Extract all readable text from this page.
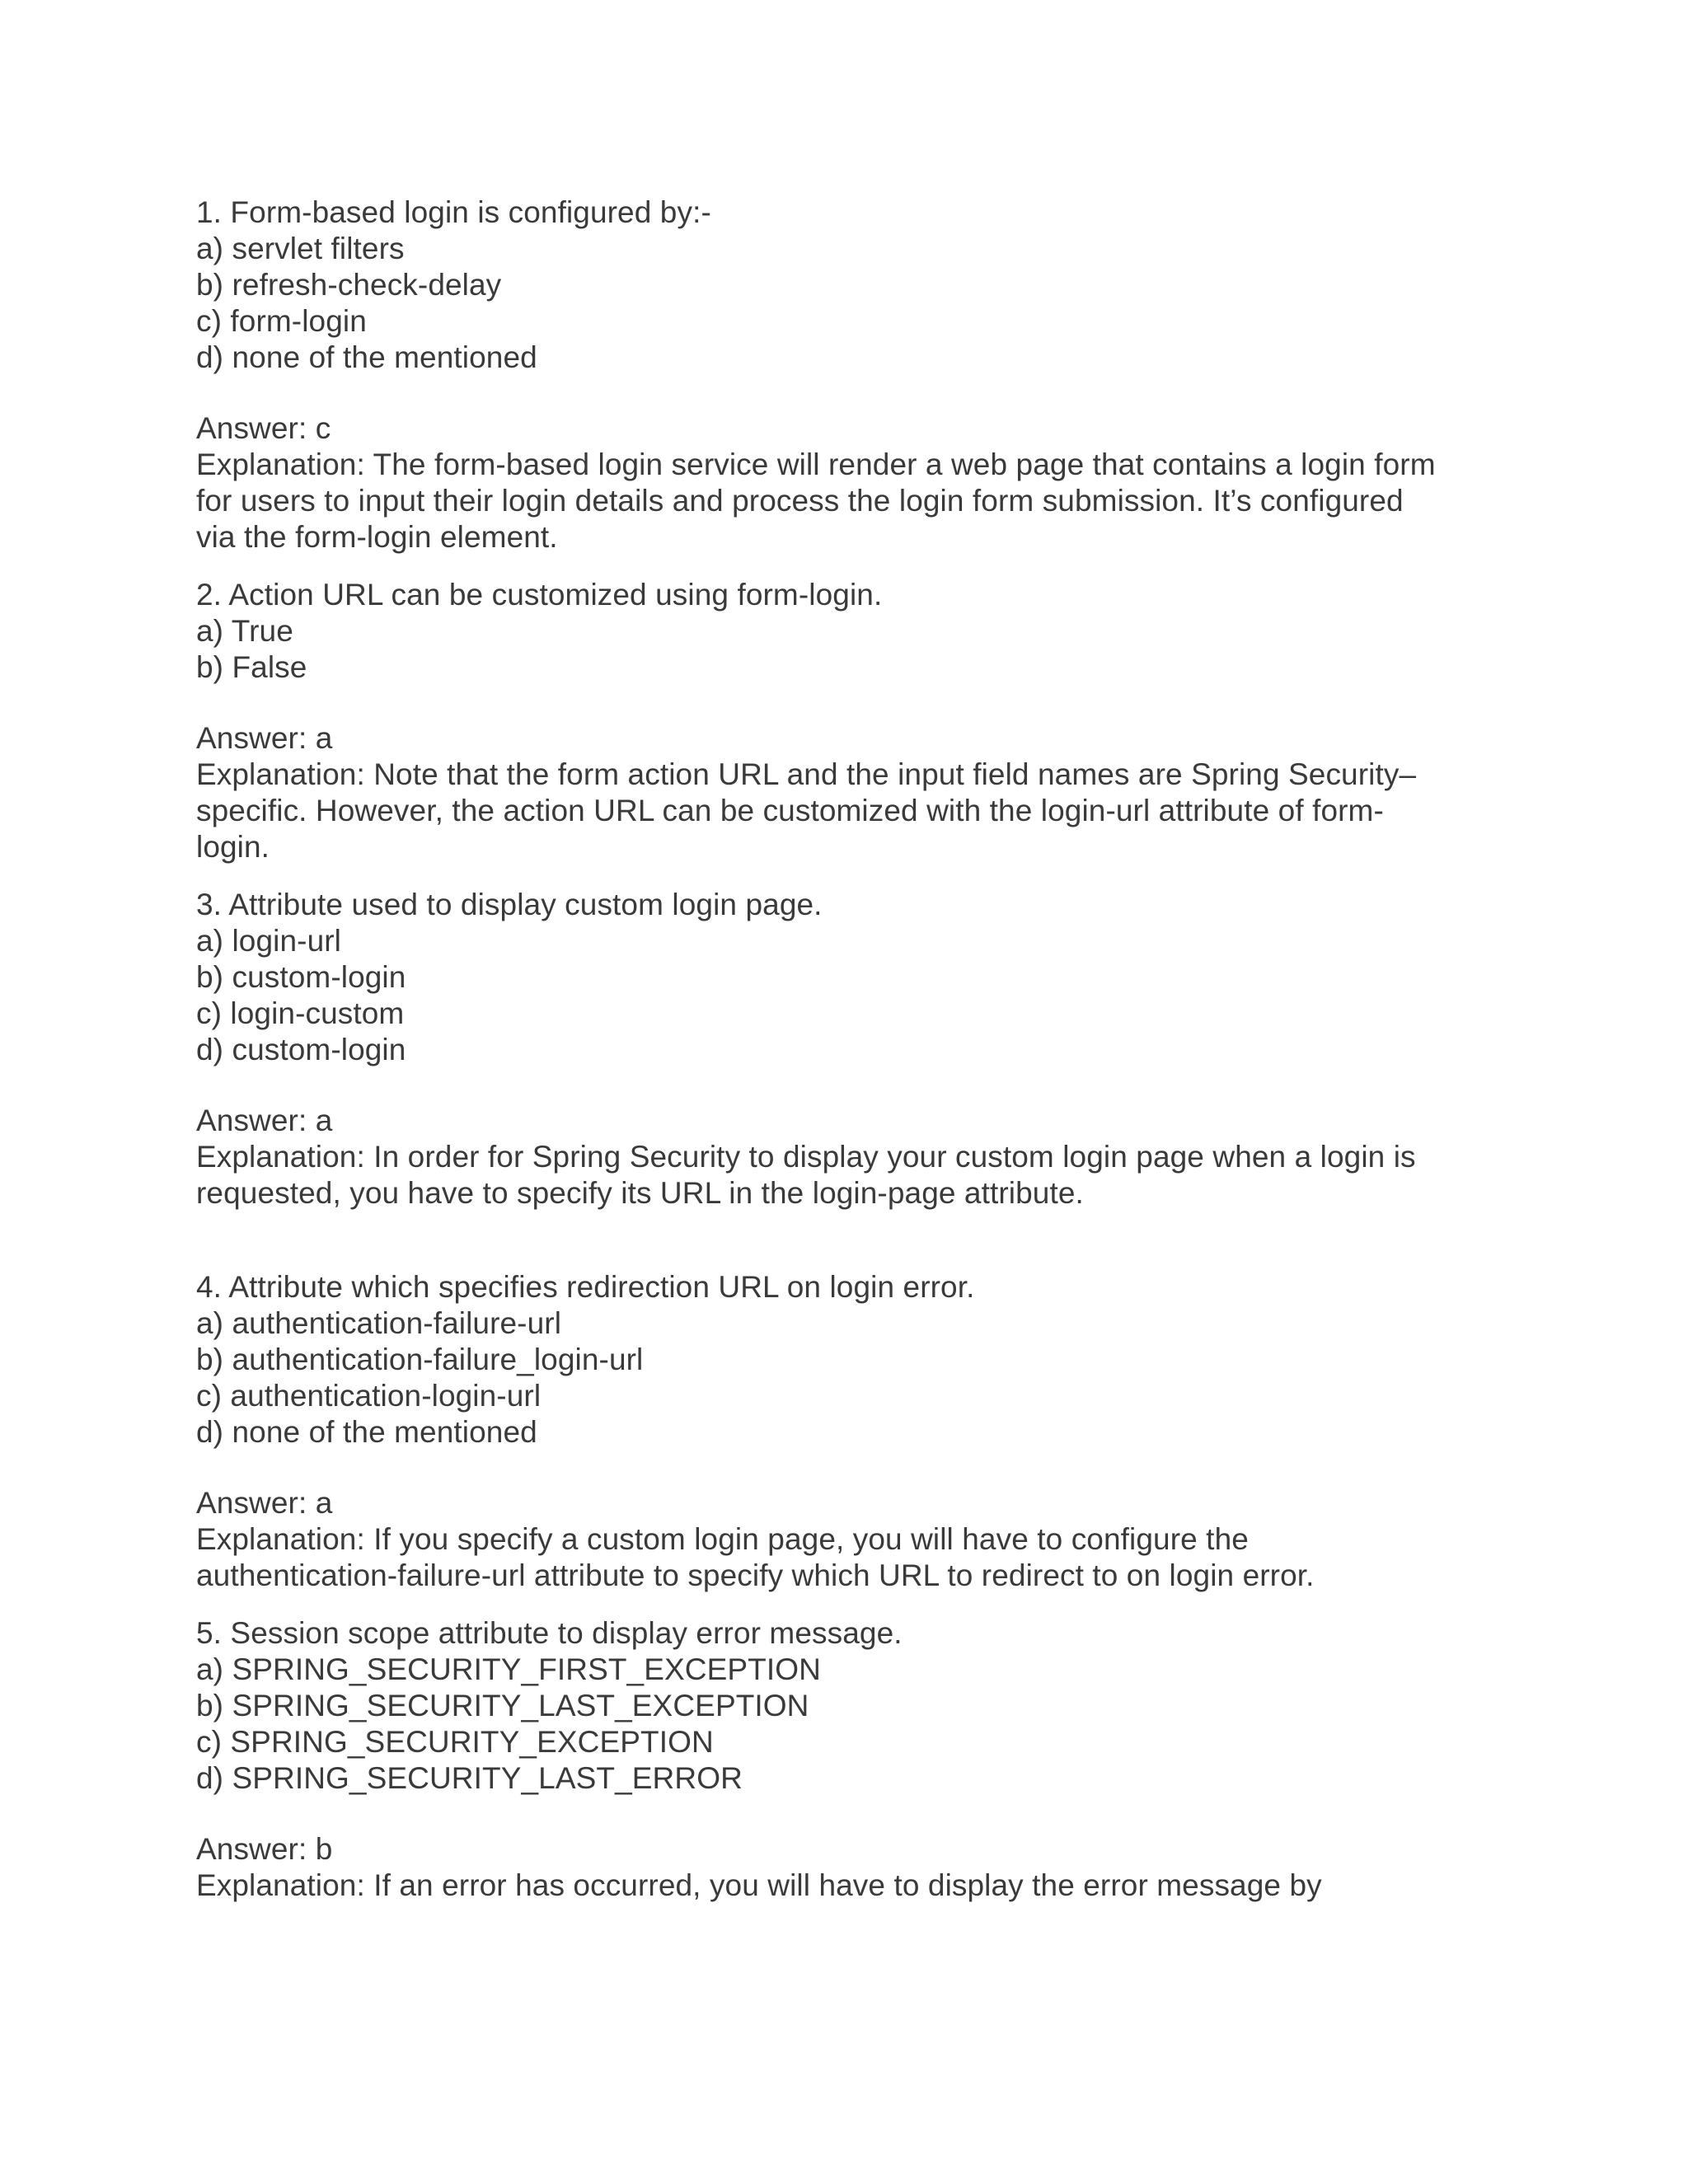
1. Form-based login is configured by:-
a) servlet filters
b) refresh-check-delay
c) form-login
d) none of the mentioned
Answer: c
Explanation: The form-based login service will render a web page that contains a login form
for users to input their login details and process the login form submission. It’s configured
via the form-login element.
2. Action URL can be customized using form-login.
a) True
b) False
Answer: a
Explanation: Note that the form action URL and the input field names are Spring Security–
specific. However, the action URL can be customized with the login-url attribute of form-
login.
3. Attribute used to display custom login page.
a) login-url
b) custom-login
c) login-custom
d) custom-login
Answer: a
Explanation: In order for Spring Security to display your custom login page when a login is
requested, you have to specify its URL in the login-page attribute.
4. Attribute which specifies redirection URL on login error.
a) authentication-failure-url
b) authentication-failure_login-url
c) authentication-login-url
d) none of the mentioned
Answer: a
Explanation: If you specify a custom login page, you will have to configure the
authentication-failure-url attribute to specify which URL to redirect to on login error.
5. Session scope attribute to display error message.
a) SPRING_SECURITY_FIRST_EXCEPTION
b) SPRING_SECURITY_LAST_EXCEPTION
c) SPRING_SECURITY_EXCEPTION
d) SPRING_SECURITY_LAST_ERROR
Answer: b
Explanation: If an error has occurred, you will have to display the error message by
